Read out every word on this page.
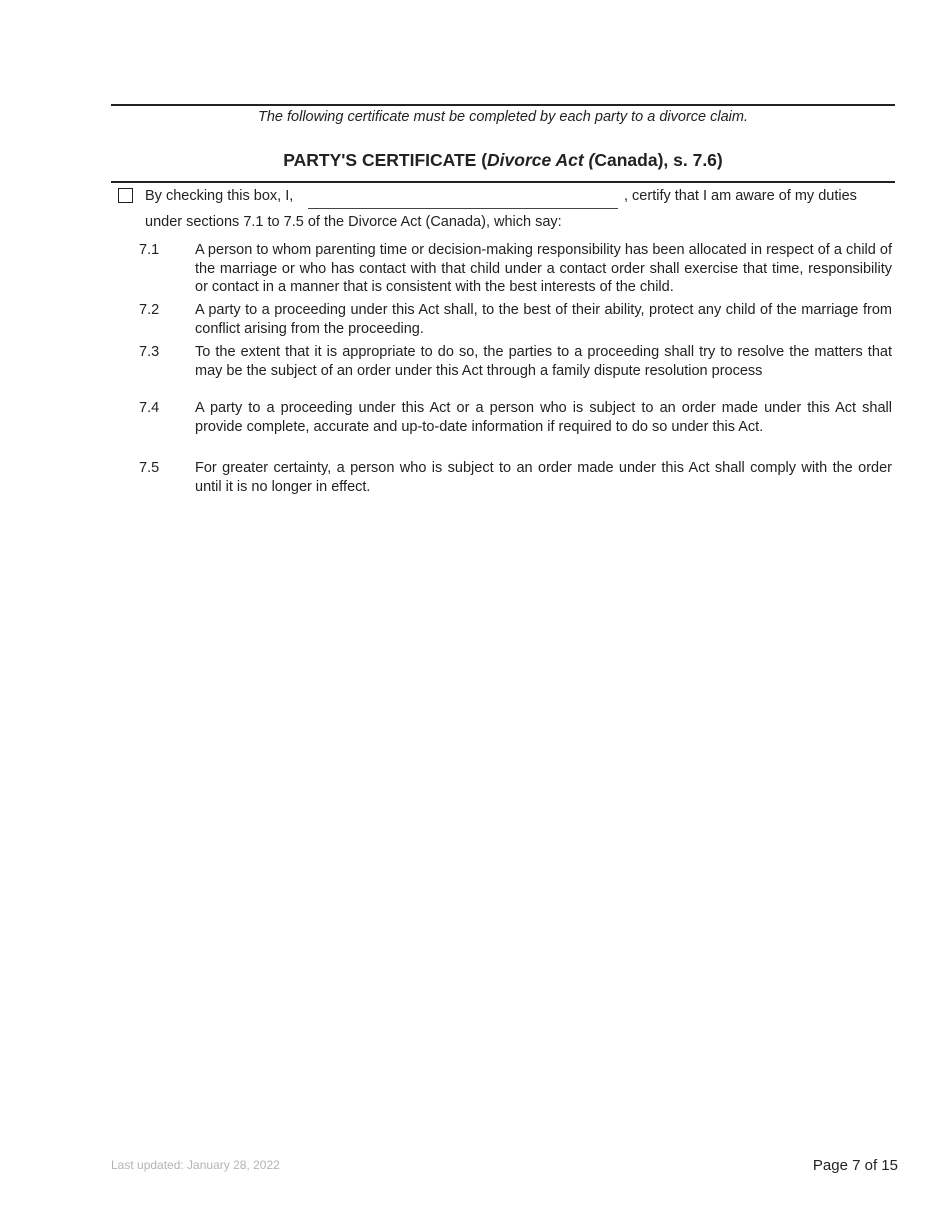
The following certificate must be completed by each party to a divorce claim.
PARTY'S CERTIFICATE (Divorce Act (Canada), s. 7.6)
By checking this box, I,	, certify that I am aware of my duties
under sections 7.1 to 7.5 of the Divorce Act (Canada), which say:
7.1	A person to whom parenting time or decision-making responsibility has been allocated in respect of a child of the marriage or who has contact with that child under a contact order shall exercise that time, responsibility or contact in a manner that is consistent with the best interests of the child.
7.2	A party to a proceeding under this Act shall, to the best of their ability, protect any child of the marriage from conflict arising from the proceeding.
7.3	To the extent that it is appropriate to do so, the parties to a proceeding shall try to resolve the matters that may be the subject of an order under this Act through a family dispute resolution process
7.4	A party to a proceeding under this Act or a person who is subject to an order made under this Act shall provide complete, accurate and up-to-date information if required to do so under this Act.
7.5	For greater certainty, a person who is subject to an order made under this Act shall comply with the order until it is no longer in effect.
Last updated: January 28, 2022	Page 7 of 15
